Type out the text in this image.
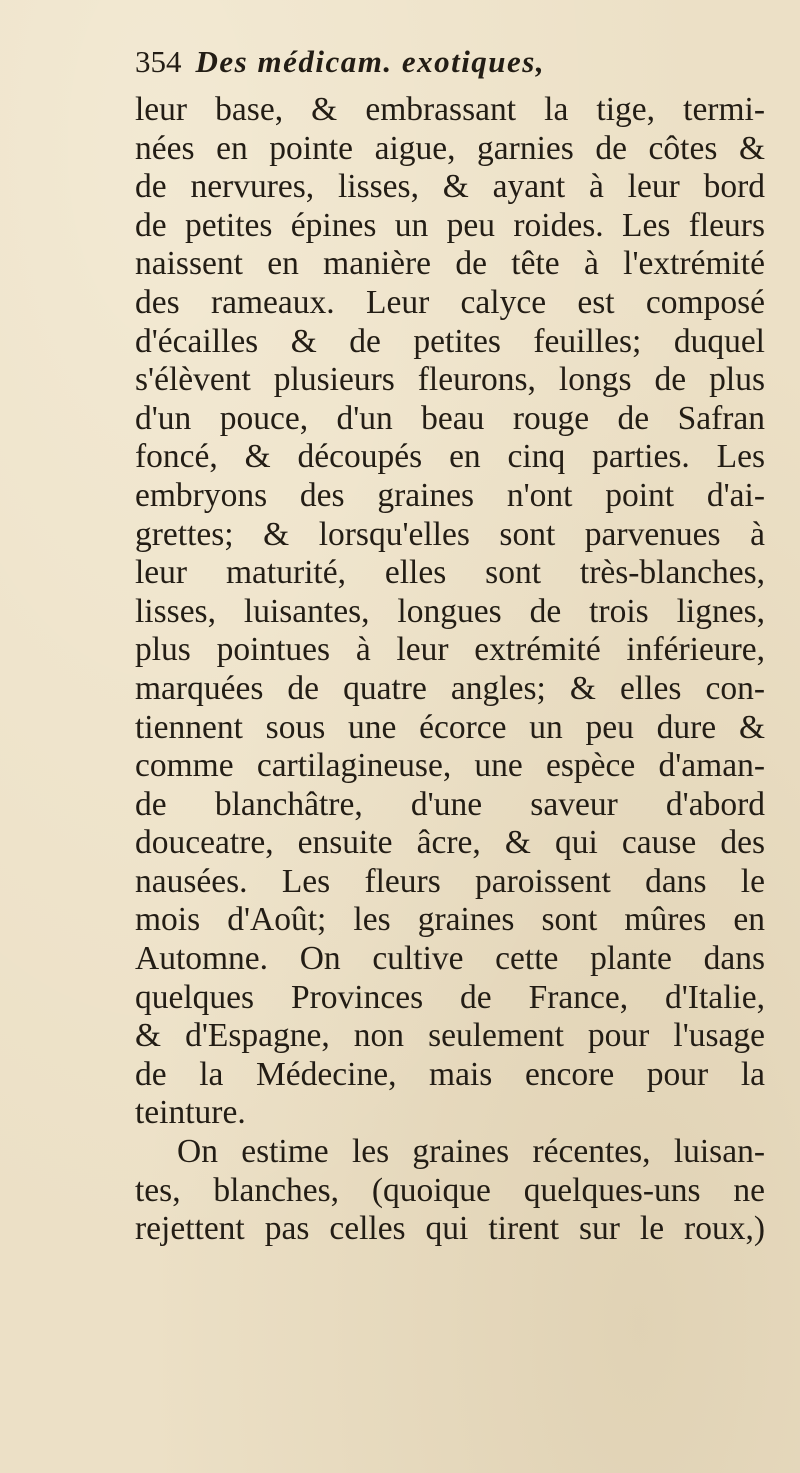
354 Des médicam. exotiques,
leur base, & embrassant la tige, termi-
nées en pointe aigue, garnies de côtes &
de nervures, lisses, & ayant à leur bord
de petites épines un peu roides. Les fleurs
naissent en manière de tête à l'extrémité
des rameaux. Leur calyce est composé
d'écailles & de petites feuilles; duquel
s'élèvent plusieurs fleurons, longs de plus
d'un pouce, d'un beau rouge de Safran
foncé, & découpés en cinq parties. Les
embryons des graines n'ont point d'ai-
grettes; & lorsqu'elles sont parvenues à
leur maturité, elles sont très-blanches,
lisses, luisantes, longues de trois lignes,
plus pointues à leur extrémité inférieure,
marquées de quatre angles; & elles con-
tiennent sous une écorce un peu dure &
comme cartilagineuse, une espèce d'aman-
de blanchâtre, d'une saveur d'abord
douceatre, ensuite âcre, & qui cause des
nausées. Les fleurs paroissent dans le
mois d'Août; les graines sont mûres en
Automne. On cultive cette plante dans
quelques Provinces de France, d'Italie,
& d'Espagne, non seulement pour l'usage
de la Médecine, mais encore pour la
teinture.
On estime les graines récentes, luisan-
tes, blanches, (quoique quelques-uns ne
rejettent pas celles qui tirent sur le roux,)
